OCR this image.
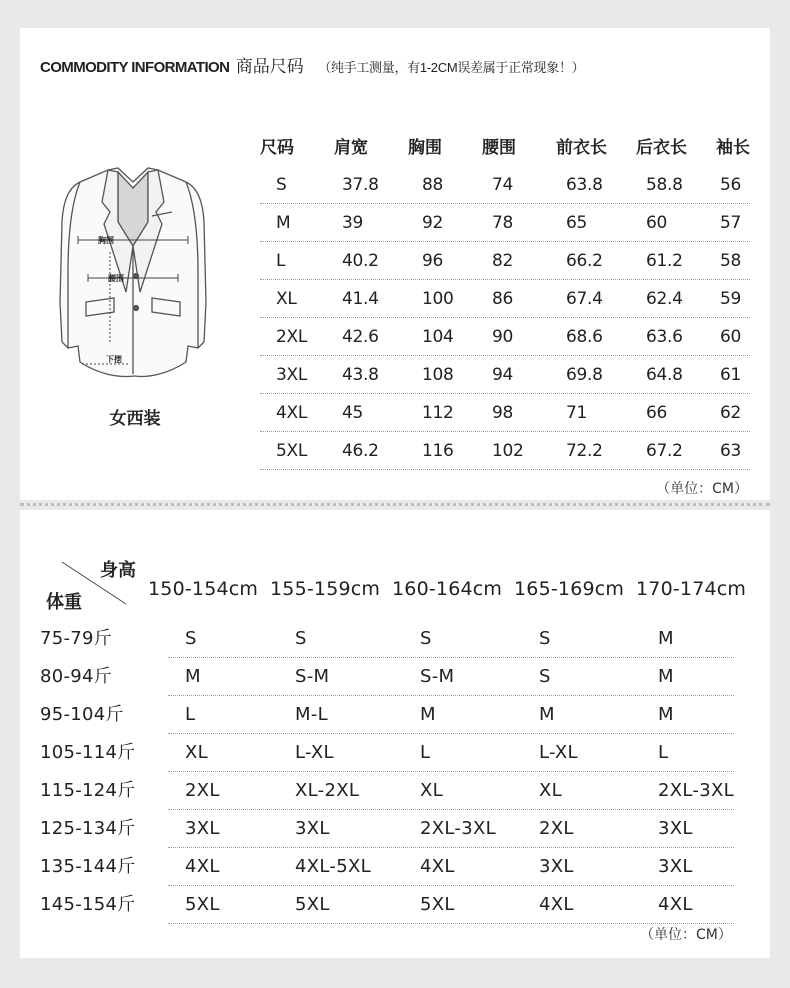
COMMODITY INFORMATION 商品尺码 （纯手工测量，有1-2CM误差属于正常现象！）
胸围
腰围
下摆
女西装
尺码 肩宽 胸围 腰围 前衣长 后衣长 袖长
S	37.8	88	74	63.8	58.8 56
M	39	92	78	65	60	57
L	40.2	96	82	66.2	61.2 58
XL	41.4	100 86	67.4	62.4 59
2XL 42.6	104 90	68.6	63.6 60
3XL 43.8	108 94	69.8	64.8 61
4XL 45	112 98	71	66	62
5XL 46.2	116 102 72.2	67.2 63
（单位：CM）
身高
体重
150-154cm 155-159cm 160-164cm 165-169cm 170-174cm
75-79斤	S	S	S	S	M
80-94斤	M	S-M	S-M	S	M
95-104斤	L	M-L	M	M	M
105-114斤	XL	L-XL	L	L-XL	L
115-124斤	2XL	XL-2XL	XL	XL	2XL-3XL
125-134斤	3XL	3XL	2XL-3XL 2XL	3XL
135-144斤	4XL	4XL-5XL	4XL	3XL	3XL
145-154斤	5XL	5XL	5XL	4XL	4XL
（单位：CM）
